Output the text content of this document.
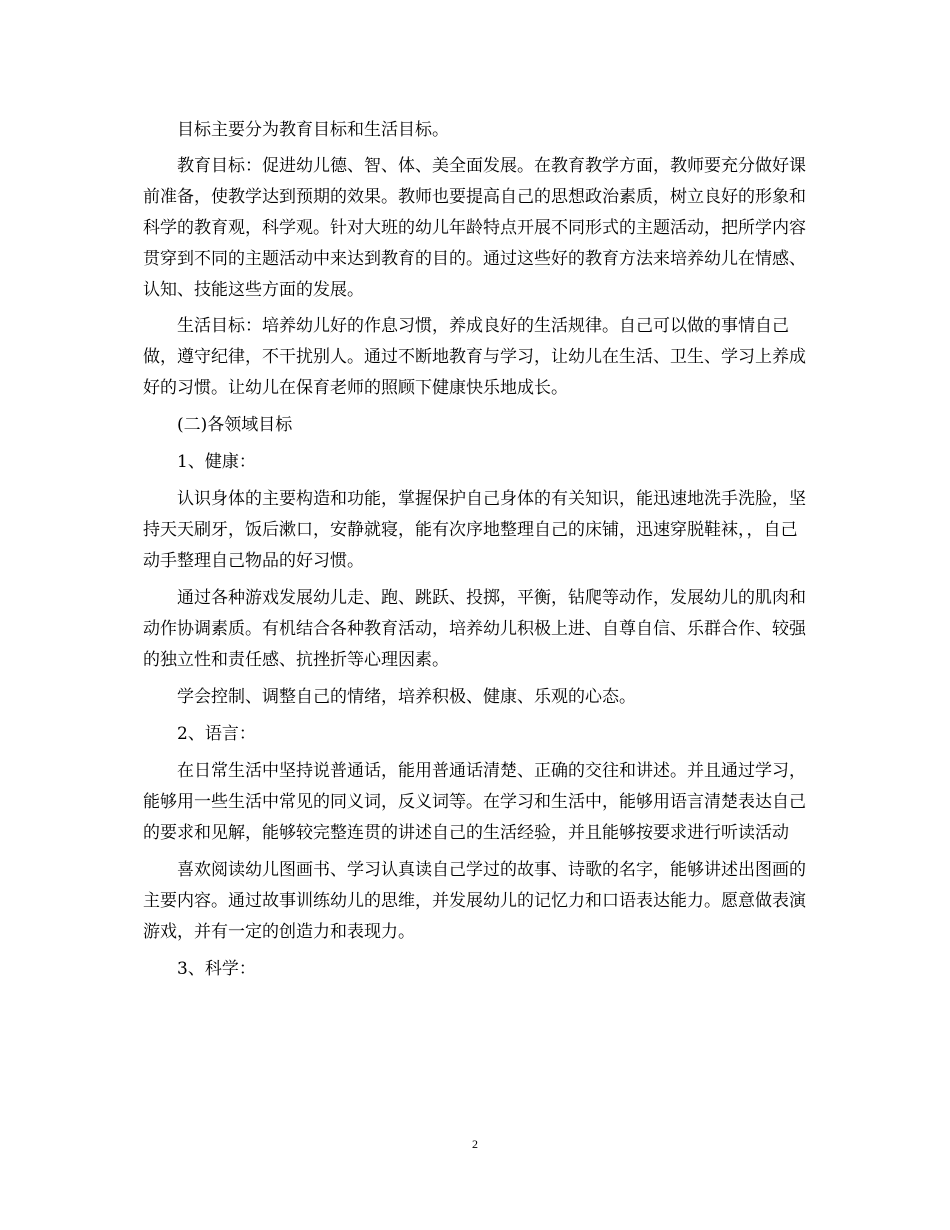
目标主要分为教育目标和生活目标。

教育目标：促进幼儿德、智、体、美全面发展。在教育教学方面，教师要充分做好课前准备，使教学达到预期的效果。教师也要提高自己的思想政治素质，树立良好的形象和科学的教育观，科学观。针对大班的幼儿年龄特点开展不同形式的主题活动，把所学内容贯穿到不同的主题活动中来达到教育的目的。通过这些好的教育方法来培养幼儿在情感、认知、技能这些方面的发展。

生活目标：培养幼儿好的作息习惯，养成良好的生活规律。自己可以做的事情自己做，遵守纪律，不干扰别人。通过不断地教育与学习，让幼儿在生活、卫生、学习上养成好的习惯。让幼儿在保育老师的照顾下健康快乐地成长。

(二)各领域目标

1、健康：

认识身体的主要构造和功能，掌握保护自己身体的有关知识，能迅速地洗手洗脸，坚持天天刷牙，饭后漱口，安静就寝，能有次序地整理自己的床铺，迅速穿脱鞋袜，，自己动手整理自己物品的好习惯。

通过各种游戏发展幼儿走、跑、跳跃、投掷，平衡，钻爬等动作，发展幼儿的肌肉和动作协调素质。有机结合各种教育活动，培养幼儿积极上进、自尊自信、乐群合作、较强的独立性和责任感、抗挫折等心理因素。

学会控制、调整自己的情绪，培养积极、健康、乐观的心态。

2、语言：

在日常生活中坚持说普通话，能用普通话清楚、正确的交往和讲述。并且通过学习，能够用一些生活中常见的同义词，反义词等。在学习和生活中，能够用语言清楚表达自己的要求和见解，能够较完整连贯的讲述自己的生活经验，并且能够按要求进行听读活动

喜欢阅读幼儿图画书、学习认真读自己学过的故事、诗歌的名字，能够讲述出图画的主要内容。通过故事训练幼儿的思维，并发展幼儿的记忆力和口语表达能力。愿意做表演游戏，并有一定的创造力和表现力。

3、科学：

2
